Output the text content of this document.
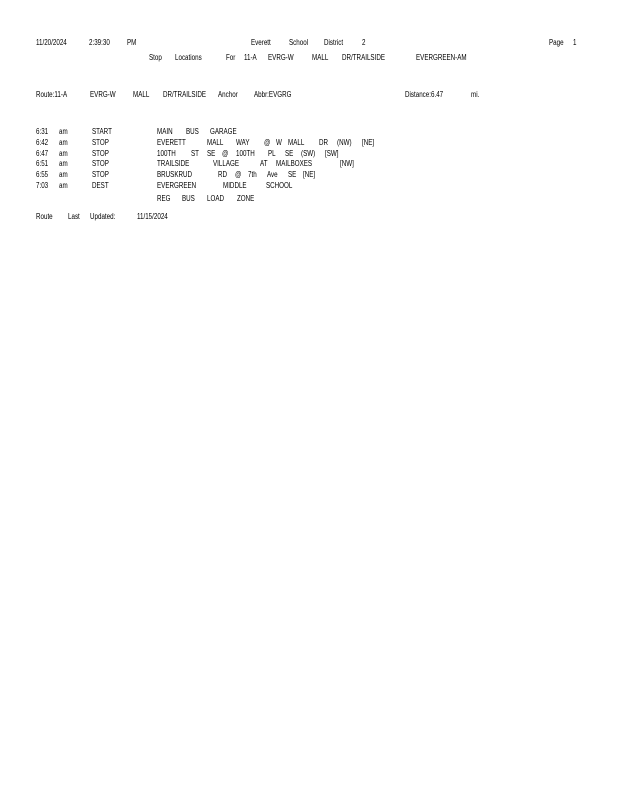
11/20/2024	2:39:30 PM	Everett School District 2	Page 1
Stop Locations	For 11-A EVRG-W MALL DR/TRAILSIDE	EVERGREEN-AM
Route:11-A	EVRG-W MALL DR/TRAILSIDE Anchor Abbr:EVGRG	Distance:6.47	mi.
6:31 am	START	MAIN BUS GARAGE
6:42 am	STOP	EVERETT	MALL WAY @ W MALL DR (NW) [NE]
6:47 am	STOP	100TH ST SE @ 100TH PL SE (SW) [SW]
6:51 am	STOP	TRAILSIDE	VILLAGE	AT MAILBOXES	[NW]
6:55 am	STOP	BRUSKRUD	RD @ 7th Ave SE [NE]
7:03 am	DEST	EVERGREEN	MIDDLE SCHOOL
REG BUS LOAD ZONE
Route Last Updated:	11/15/2024
